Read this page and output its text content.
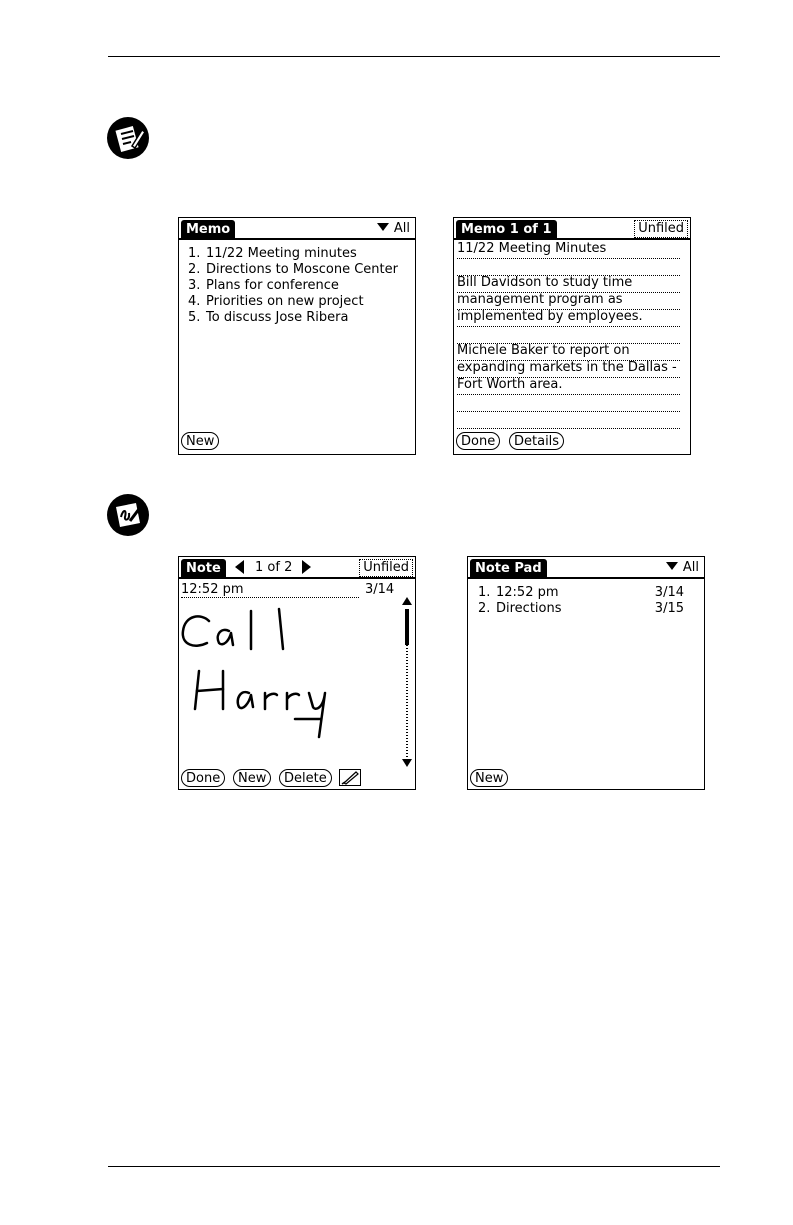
Memo	All
1. 11/22 Meeting minutes
2. Directions to Moscone Center
3. Plans for conference
4. Priorities on new project
5. To discuss Jose Ribera
New
Memo 1 of 1	Unfiled
11/22 Meeting Minutes
Bill Davidson to study time
management program as
implemented by employees.
Michele Baker to report on
expanding markets in the Dallas -
Fort Worth area.
Done	Details
Note	1 of 2	Unfiled
12:52 pm	3/14
Done	New	Delete
Note Pad	All
1. 12:52 pm	3/14
2. Directions	3/15
New
